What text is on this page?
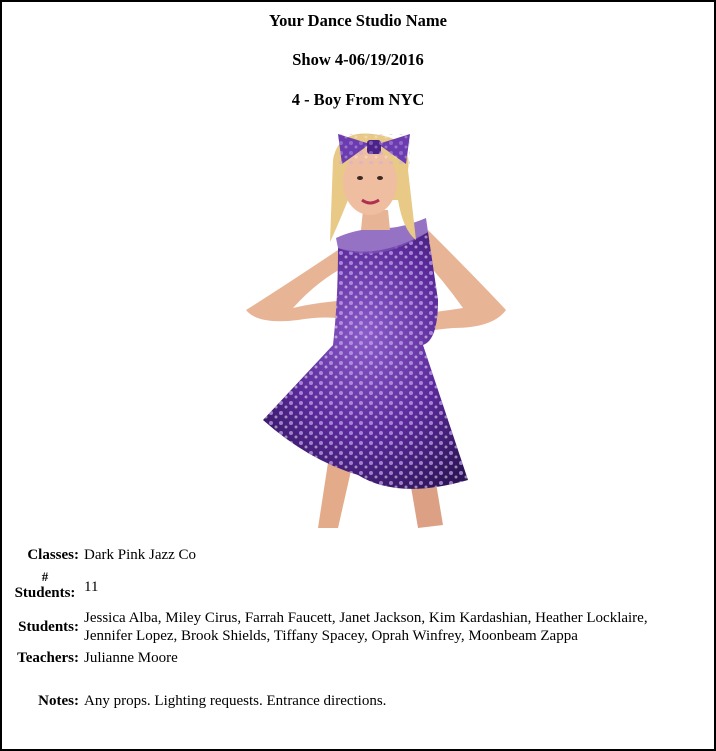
Your Dance Studio Name
Show 4-06/19/2016
4 - Boy From NYC
Classes: Dark Pink Jazz Co
#
Students: 11
Students:
Jessica Alba, Miley Cirus, Farrah Faucett, Janet Jackson, Kim Kardashian, Heather Locklaire,
Jennifer Lopez, Brook Shields, Tiffany Spacey, Oprah Winfrey, Moonbeam Zappa
Teachers: Julianne Moore
Notes: Any props. Lighting requests. Entrance directions.
